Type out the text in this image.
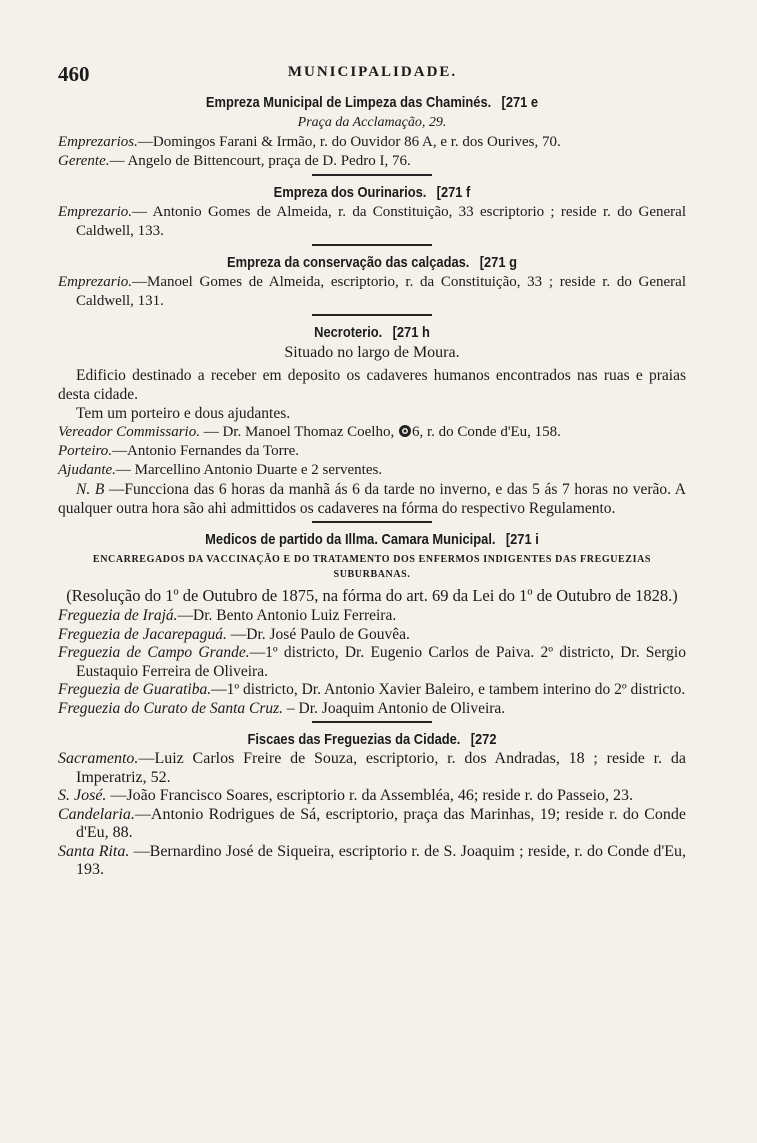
460	MUNICIPALIDADE.

Empreza Municipal de Limpeza das Chaminés. [271 e

Praça da Acclamação, 29.

Emprezarios.—Domingos Farani & Irmão, r. do Ouvidor 86 A, e r. dos Ourives, 70.

Gerente.— Angelo de Bittencourt, praça de D. Pedro I, 76.

Empreza dos Ourinarios. [271 f

Emprezario.— Antonio Gomes de Almeida, r. da Constituição, 33 escriptorio ; reside r. do General Caldwell, 133.

Empreza da conservação das calçadas. [271 g

Emprezario.—Manoel Gomes de Almeida, escriptorio, r. da Constituição, 33 ; reside r. do General Caldwell, 131.

Necroterio. [271 h

Situado no largo de Moura.

Edificio destinado a receber em deposito os cadaveres humanos encontrados nas ruas e praias desta cidade.

Tem um porteiro e dous ajudantes.

Vereador Commissario. — Dr. Manoel Thomaz Coelho, 6, r. do Conde d'Eu, 158.

Porteiro.—Antonio Fernandes da Torre.

Ajudante.— Marcellino Antonio Duarte e 2 serventes.

N. B —Funcciona das 6 horas da manhã ás 6 da tarde no inverno, e das 5 ás 7 horas no verão. A qualquer outra hora são ahi admittidos os cadaveres na fórma do respectivo Regulamento.

Medicos de partido da Illma. Camara Municipal. [271 i

ENCARREGADOS DA VACCINAÇÃO E DO TRATAMENTO DOS ENFERMOS INDIGENTES DAS FREGUEZIAS SUBURBANAS.

(Resolução do 1º de Outubro de 1875, na fórma do art. 69 da Lei do 1º de Outubro de 1828.)

Freguezia de Irajá.—Dr. Bento Antonio Luiz Ferreira.

Freguezia de Jacarepaguá. —Dr. José Paulo de Gouvêa.

Freguezia de Campo Grande.—1º districto, Dr. Eugenio Carlos de Paiva. 2º districto, Dr. Sergio Eustaquio Ferreira de Oliveira.

Freguezia de Guaratiba.—1º districto, Dr. Antonio Xavier Baleiro, e tambem interino do 2º districto.

Freguezia do Curato de Santa Cruz. – Dr. Joaquim Antonio de Oliveira.

Fiscaes das Freguezias da Cidade. [272

Sacramento.—Luiz Carlos Freire de Souza, escriptorio, r. dos Andradas, 18 ; reside r. da Imperatriz, 52.

S. José. —João Francisco Soares, escriptorio r. da Assembléa, 46; reside r. do Passeio, 23.

Candelaria.—Antonio Rodrigues de Sá, escriptorio, praça das Marinhas, 19; reside r. do Conde d'Eu, 88.

Santa Rita. —Bernardino José de Siqueira, escriptorio r. de S. Joaquim ; reside, r. do Conde d'Eu, 193.
